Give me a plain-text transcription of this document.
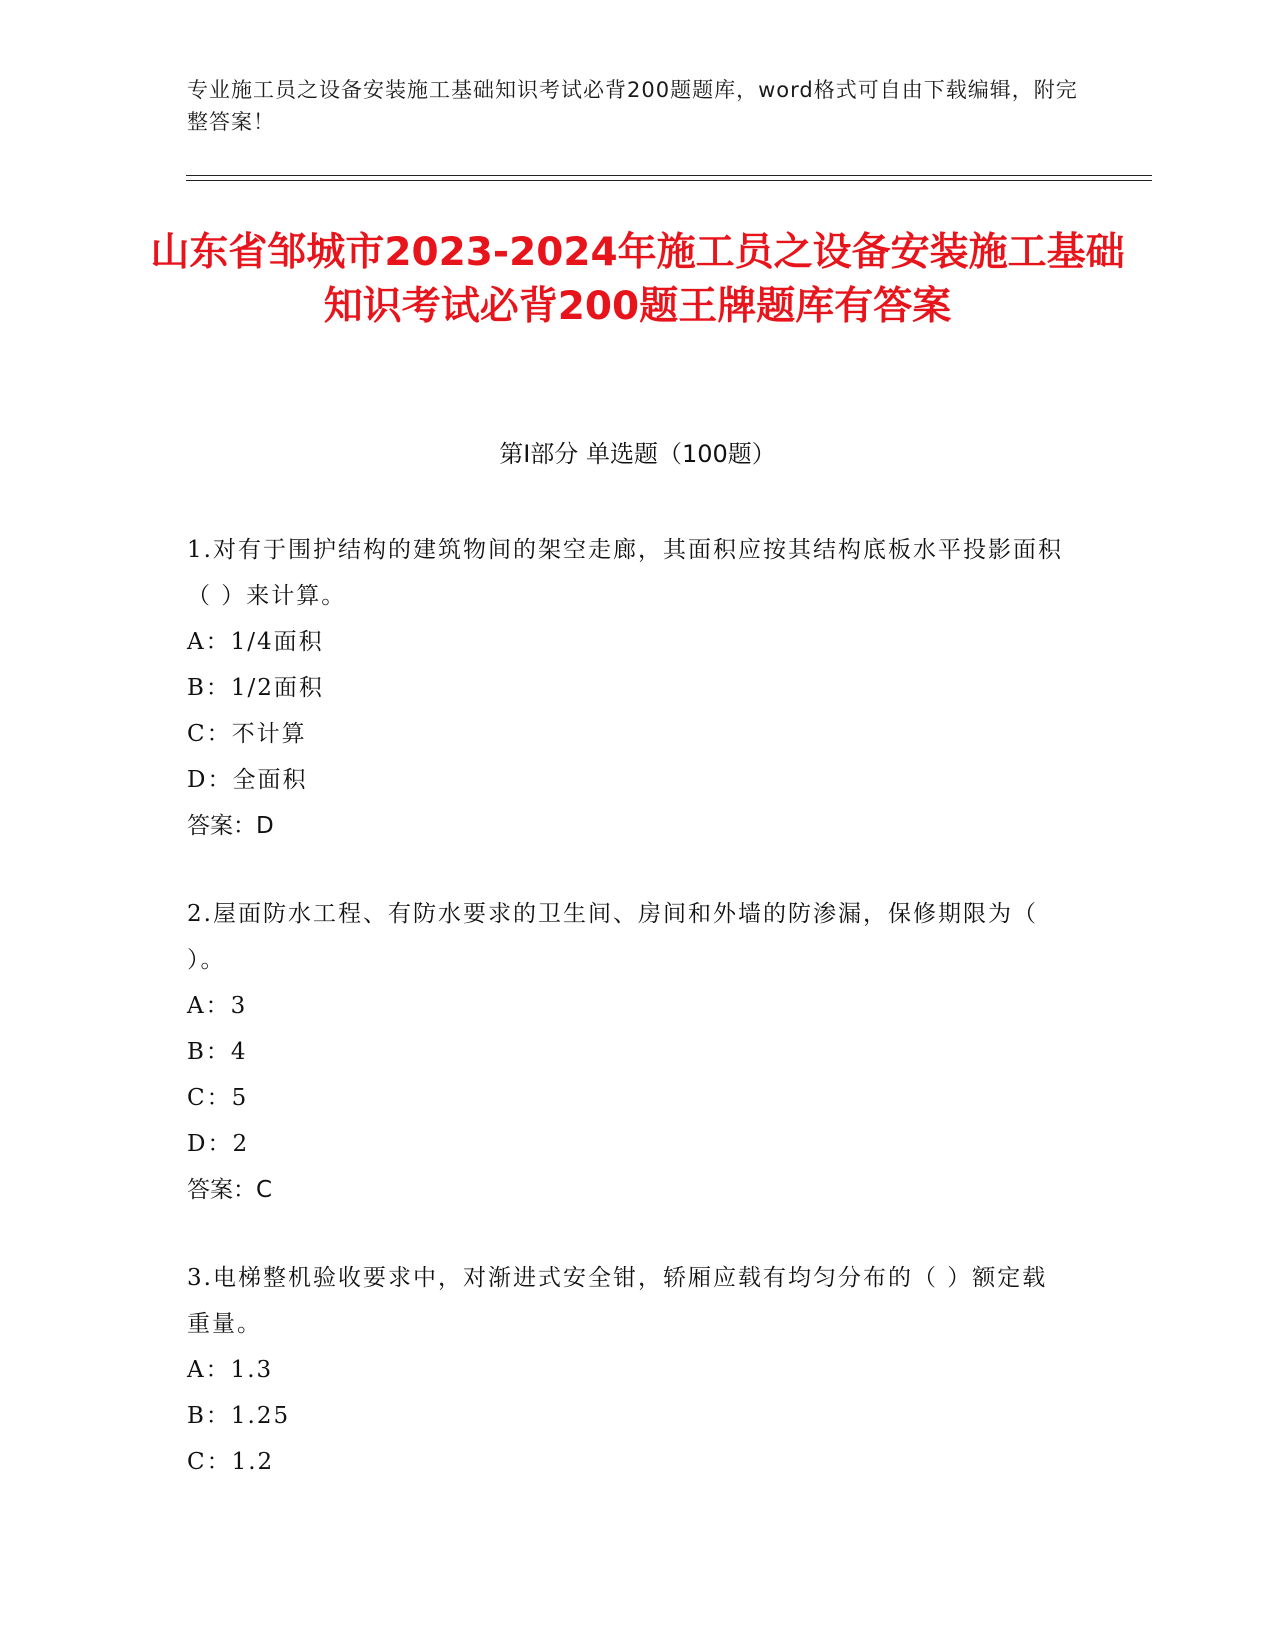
专业施工员之设备安装施工基础知识考试必背200题题库，word格式可自由下载编辑，附完整答案！
山东省邹城市2023-2024年施工员之设备安装施工基础知识考试必背200题王牌题库有答案
第Ⅰ部分 单选题（100题）

1.对有于围护结构的建筑物间的架空走廊，其面积应按其结构底板水平投影面积（ ）来计算。

A：1/4面积

B：1/2面积

C：不计算

D：全面积

答案：D

2.屋面防水工程、有防水要求的卫生间、房间和外墙的防渗漏，保修期限为（ ）。

A：3

B：4

C：5

D：2

答案：C

3.电梯整机验收要求中，对渐进式安全钳，轿厢应载有均匀分布的（ ）额定载重量。

A：1.3

B：1.25

C：1.2
